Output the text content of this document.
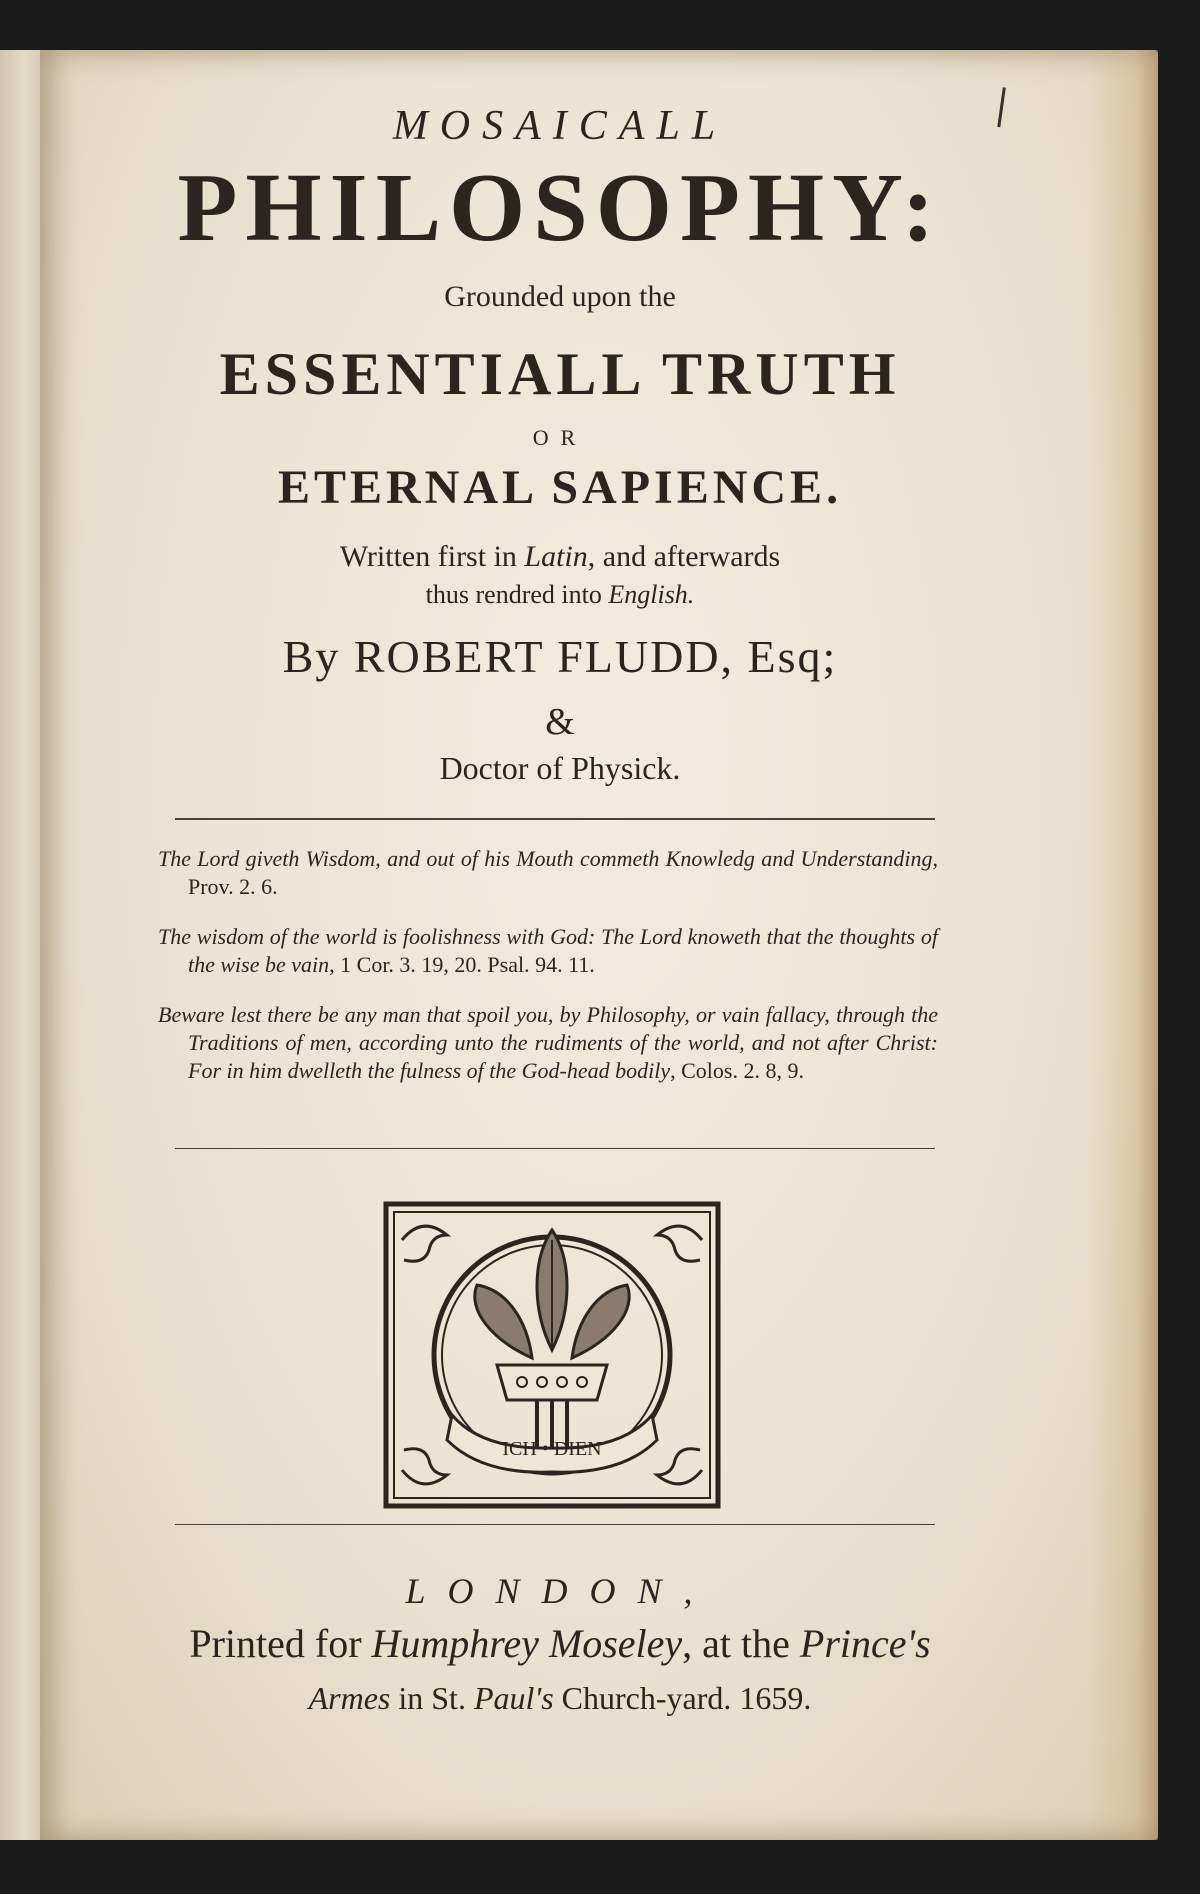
MOSAICALL
PHILOSOPHY:
Grounded upon the
ESSENTIALL TRUTH
OR
ETERNAL SAPIENCE.
Written first in Latin, and afterwards
thus rendred into English.
By ROBERT FLUDD, Esq;
&
Doctor of Physick.

The Lord giveth Wisdom, and out of his Mouth commeth Knowledg and Understanding, Prov. 2. 6.

The wisdom of the world is foolishness with God: The Lord knoweth that the thoughts of the wise be vain, 1 Cor. 3. 19, 20. Psal. 94. 11.

Beware lest there be any man that spoil you, by Philosophy, or vain fallacy, through the Traditions of men, according unto the rudiments of the world, and not after Christ: For in him dwelleth the fulness of the God-head bodily, Colos. 2. 8, 9.

ICH • DIEN
LONDON,
Printed for Humphrey Moseley, at the Prince's
Armes in St. Paul's Church-yard. 1659.
